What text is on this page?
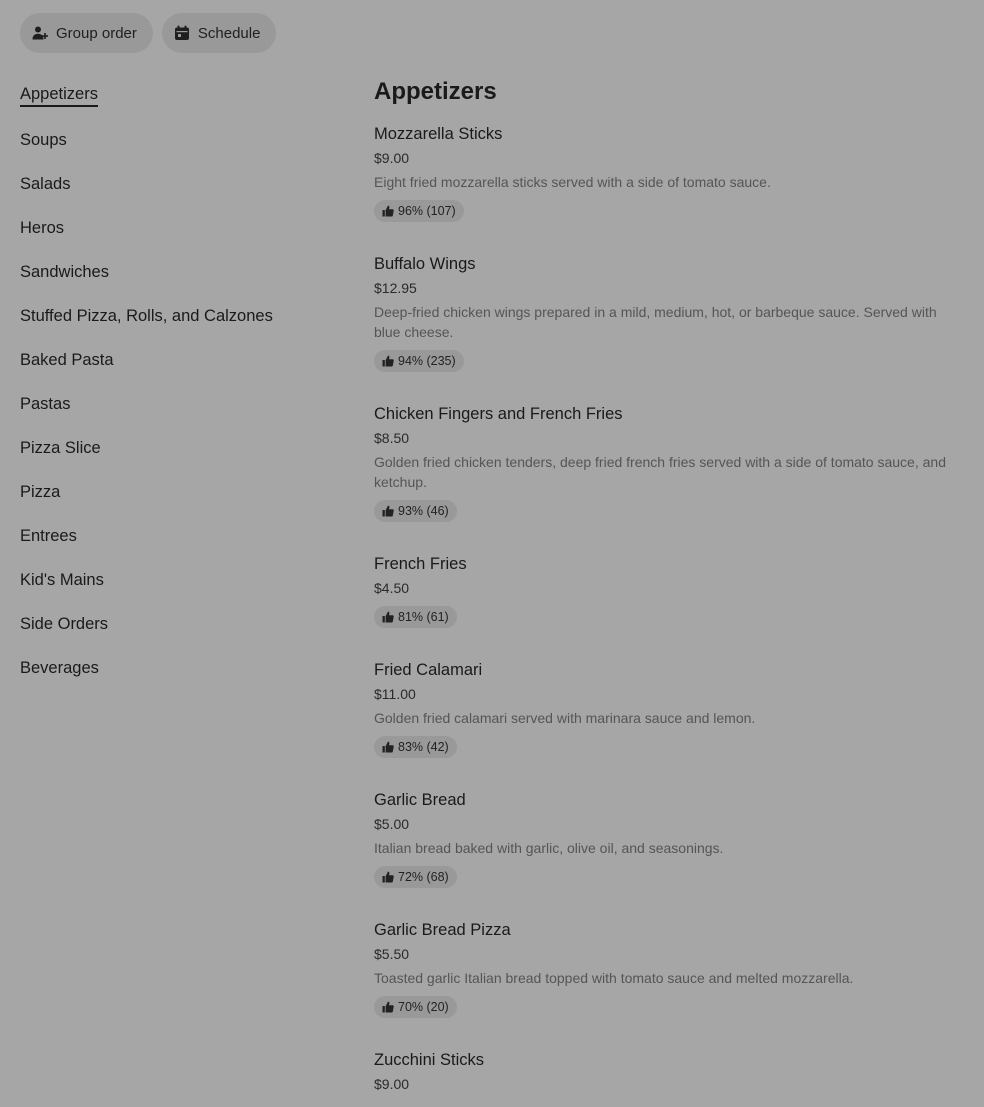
Group order	Schedule
Appetizers
Soups
Salads
Heros
Sandwiches
Stuffed Pizza, Rolls, and Calzones
Baked Pasta
Pastas
Pizza Slice
Pizza
Entrees
Kid's Mains
Side Orders
Beverages
Appetizers
Mozzarella Sticks
$9.00
Eight fried mozzarella sticks served with a side of tomato sauce.
96% (107)
Buffalo Wings
$12.95
Deep-fried chicken wings prepared in a mild, medium, hot, or barbeque sauce. Served with blue cheese.
94% (235)
Chicken Fingers and French Fries
$8.50
Golden fried chicken tenders, deep fried french fries served with a side of tomato sauce, and ketchup.
93% (46)
French Fries
$4.50
81% (61)
Fried Calamari
$11.00
Golden fried calamari served with marinara sauce and lemon.
83% (42)
Garlic Bread
$5.00
Italian bread baked with garlic, olive oil, and seasonings.
72% (68)
Garlic Bread Pizza
$5.50
Toasted garlic Italian bread topped with tomato sauce and melted mozzarella.
70% (20)
Zucchini Sticks
$9.00
